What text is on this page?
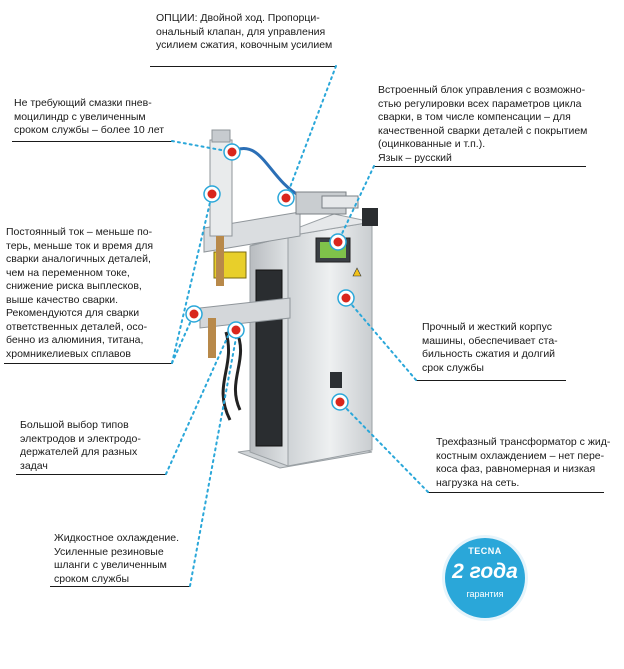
ОПЦИИ: Двойной ход. Пропорци-
ональный клапан, для управления
усилием сжатия, ковочным усилием
Не требующий смазки пнев-
моцилиндр с увеличенным
сроком службы – более 10 лет
Встроенный блок управления с возможно-
стью регулировки всех параметров цикла
сварки, в том числе компенсации – для
качественной сварки деталей с покрытием
(оцинкованные и т.п.).
Язык – русский
Постоянный ток – меньше по-
терь, меньше ток и время для
сварки аналогичных деталей,
чем на переменном токе,
снижение риска выплесков,
выше качество сварки.
Рекомендуются для сварки
ответственных деталей, осо-
бенно из алюминия, титана,
хромникелиевых сплавов
Прочный и жесткий корпус
машины, обеспечивает ста-
бильность сжатия и долгий
срок службы
Большой выбор типов
электродов и электродо-
держателей для разных
задач
Трехфазный трансформатор с жид-
костным охлаждением – нет пере-
коса фаз, равномерная и низкая
нагрузка на сеть.
Жидкостное охлаждение.
Усиленные резиновые
шланги с увеличенным
сроком службы
TECNA
2 года
гарантия
